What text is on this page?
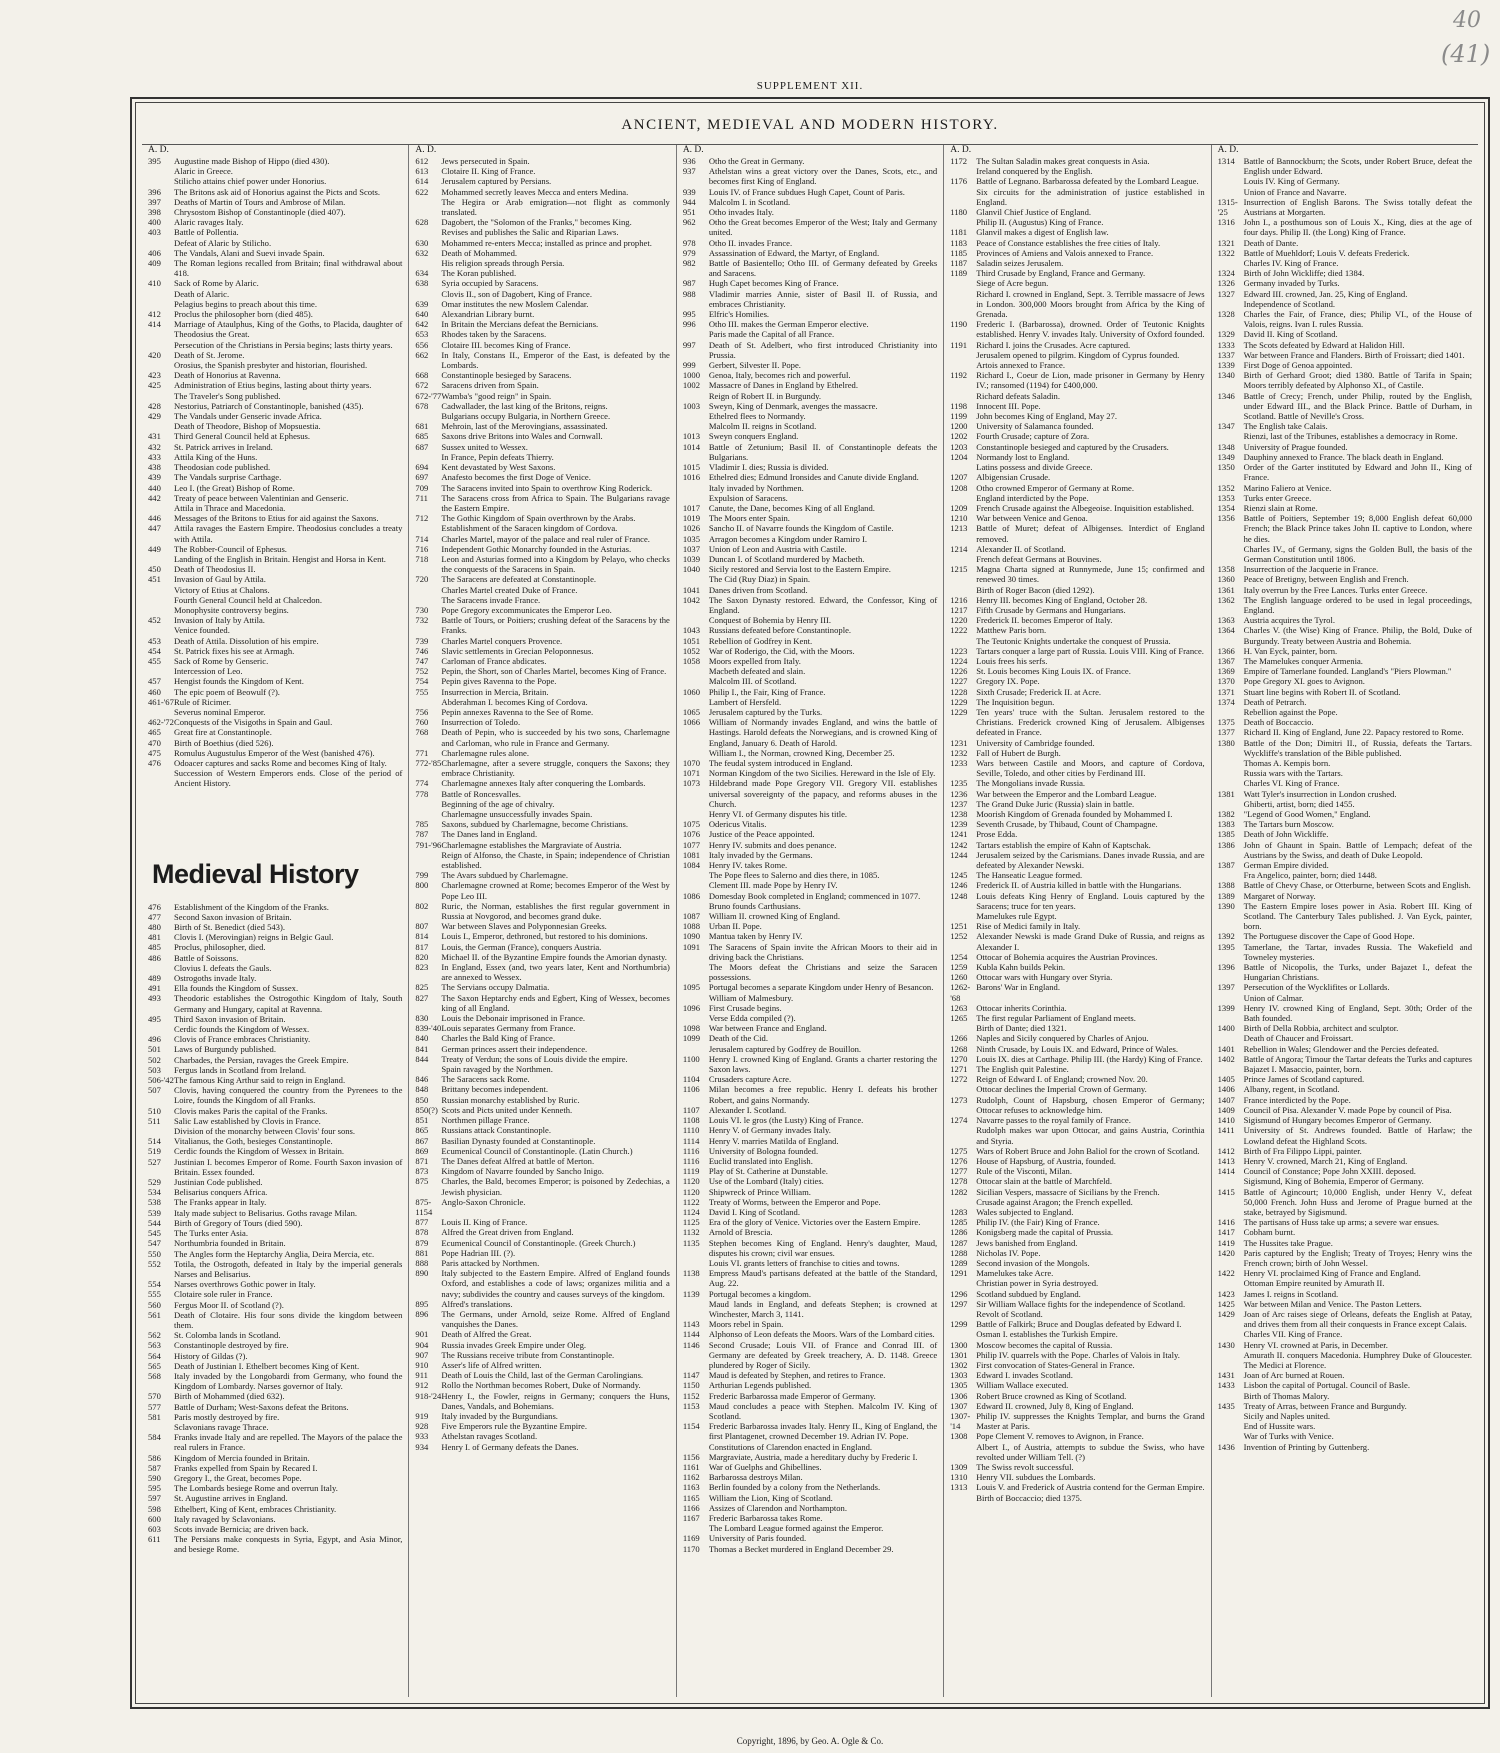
40
(41)
SUPPLEMENT XII.
ANCIENT, MEDIEVAL AND MODERN HISTORY.
A. D.
395	Augustine made Bishop of Hippo (died 430).
Alaric in Greece.
Stilicho attains chief power under Honorius.
396	The Britons ask aid of Honorius against the Picts and Scots.
397	Deaths of Martin of Tours and Ambrose of Milan.
398	Chrysostom Bishop of Constantinople (died 407).
400	Alaric ravages Italy.
403	Battle of Pollentia.
Defeat of Alaric by Stilicho.
406	The Vandals, Alani and Suevi invade Spain.
409	The Roman legions recalled from Britain; final withdrawal about 418.
410	Sack of Rome by Alaric.
Death of Alaric.
Pelagius begins to preach about this time.
412	Proclus the philosopher born (died 485).
414	Marriage of Ataulphus, King of the Goths, to Placida, daughter of Theodosius the Great.
Persecution of the Christians in Persia begins; lasts thirty years.
420	Death of St. Jerome.
Orosius, the Spanish presbyter and historian, flourished.
423	Death of Honorius at Ravenna.
425	Administration of Etius begins, lasting about thirty years.
The Traveler's Song published.
428	Nestorius, Patriarch of Constantinople, banished (435).
429	The Vandals under Genseric invade Africa.
Death of Theodore, Bishop of Mopsuestia.
431	Third General Council held at Ephesus.
432	St. Patrick arrives in Ireland.
433	Attila King of the Huns.
438	Theodosian code published.
439	The Vandals surprise Carthage.
440	Leo I. (the Great) Bishop of Rome.
442	Treaty of peace between Valentinian and Genseric.
Attila in Thrace and Macedonia.
446	Messages of the Britons to Etius for aid against the Saxons.
447	Attila ravages the Eastern Empire. Theodosius concludes a treaty with Attila.
449	The Robber-Council of Ephesus.
Landing of the English in Britain. Hengist and Horsa in Kent.
450	Death of Theodosius II.
451	Invasion of Gaul by Attila.
Victory of Etius at Chalons.
Fourth General Council held at Chalcedon.
Monophysite controversy begins.
452	Invasion of Italy by Attila.
Venice founded.
453	Death of Attila. Dissolution of his empire.
454	St. Patrick fixes his see at Armagh.
455	Sack of Rome by Genseric.
Intercession of Leo.
457	Hengist founds the Kingdom of Kent.
460	The epic poem of Beowulf (?).
461-'67 Rule of Ricimer.
Severus nominal Emperor.
462-'72 Conquests of the Visigoths in Spain and Gaul.
465	Great fire at Constantinople.
470	Birth of Boethius (died 526).
475	Romulus Augustulus Emperor of the West (banished 476).
476	Odoacer captures and sacks Rome and becomes King of Italy.
Succession of Western Emperors ends. Close of the period of Ancient History.
Medieval History
476	Establishment of the Kingdom of the Franks.
477	Second Saxon invasion of Britain.
480	Birth of St. Benedict (died 543).
481	Clovis I. (Merovingian) reigns in Belgic Gaul.
485	Proclus, philosopher, died.
486	Battle of Soissons.
Clovius I. defeats the Gauls.
489	Ostrogoths invade Italy.
491	Ella founds the Kingdom of Sussex.
493	Theodoric establishes the Ostrogothic Kingdom of Italy, South Germany and Hungary, capital at Ravenna.
495	Third Saxon invasion of Britain.
Cerdic founds the Kingdom of Wessex.
496	Clovis of France embraces Christianity.
501	Laws of Burgundy published.
502	Charbades, the Persian, ravages the Greek Empire.
503	Fergus lands in Scotland from Ireland.
506-'42 The famous King Arthur said to reign in England.
507	Clovis, having conquered the country from the Pyrenees to the Loire, founds the Kingdom of all Franks.
510	Clovis makes Paris the capital of the Franks.
511	Salic Law established by Clovis in France.
Division of the monarchy between Clovis' four sons.
514	Vitalianus, the Goth, besieges Constantinople.
519	Cerdic founds the Kingdom of Wessex in Britain.
527	Justinian I. becomes Emperor of Rome. Fourth Saxon invasion of Britain. Essex founded.
529	Justinian Code published.
534	Belisarius conquers Africa.
538	The Franks appear in Italy.
539	Italy made subject to Belisarius. Goths ravage Milan.
544	Birth of Gregory of Tours (died 590).
545	The Turks enter Asia.
547	Northumbria founded in Britain.
550	The Angles form the Heptarchy Anglia, Deira Mercia, etc.
552	Totila, the Ostrogoth, defeated in Italy by the imperial generals Narses and Belisarius.
554	Narses overthrows Gothic power in Italy.
555	Clotaire sole ruler in France.
560	Fergus Moor II. of Scotland (?).
561	Death of Clotaire. His four sons divide the kingdom between them.
562	St. Colomba lands in Scotland.
563	Constantinople destroyed by fire.
564	History of Gildas (?).
565	Death of Justinian I. Ethelbert becomes King of Kent.
568	Italy invaded by the Longobardi from Germany, who found the Kingdom of Lombardy. Narses governor of Italy.
570	Birth of Mohammed (died 632).
577	Battle of Durham; West-Saxons defeat the Britons.
581	Paris mostly destroyed by fire.
Sclavonians ravage Thrace.
584	Franks invade Italy and are repelled. The Mayors of the palace the real rulers in France.
586	Kingdom of Mercia founded in Britain.
587	Franks expelled from Spain by Recared I.
590	Gregory I., the Great, becomes Pope.
595	The Lombards besiege Rome and overrun Italy.
597	St. Augustine arrives in England.
598	Ethelbert, King of Kent, embraces Christianity.
600	Italy ravaged by Sclavonians.
603	Scots invade Bernicia; are driven back.
611	The Persians make conquests in Syria, Egypt, and Asia Minor, and besiege Rome.
A. D.
612	Jews persecuted in Spain.
613	Clotaire II. King of France.
614	Jerusalem captured by Persians.
622	Mohammed secretly leaves Mecca and enters Medina.
The Hegira or Arab emigration—not flight as commonly translated.
628	Dagobert, the "Solomon of the Franks," becomes King.
Revises and publishes the Salic and Riparian Laws.
630	Mohammed re-enters Mecca; installed as prince and prophet.
632	Death of Mohammed.
His religion spreads through Persia.
634	The Koran published.
638	Syria occupied by Saracens.
Clovis II., son of Dagobert, King of France.
639	Omar institutes the new Moslem Calendar.
640	Alexandrian Library burnt.
642	In Britain the Mercians defeat the Bernicians.
653	Rhodes taken by the Saracens.
656	Clotaire III. becomes King of France.
662	In Italy, Constans II., Emperor of the East, is defeated by the Lombards.
668	Constantinople besieged by Saracens.
672	Saracens driven from Spain.
672-'77 Wamba's "good reign" in Spain.
678	Cadwallader, the last king of the Britons, reigns.
Bulgarians occupy Bulgaria, in Northern Greece.
681	Mehroin, last of the Merovingians, assassinated.
685	Saxons drive Britons into Wales and Cornwall.
687	Sussex united to Wessex.
In France, Pepin defeats Thierry.
694	Kent devastated by West Saxons.
697	Anafesto becomes the first Doge of Venice.
709	The Saracens invited into Spain to overthrow King Roderick.
711	The Saracens cross from Africa to Spain. The Bulgarians ravage the Eastern Empire.
712	The Gothic Kingdom of Spain overthrown by the Arabs.
Establishment of the Saracen kingdom of Cordova.
714	Charles Martel, mayor of the palace and real ruler of France.
716	Independent Gothic Monarchy founded in the Asturias.
718	Leon and Asturias formed into a Kingdom by Pelayo, who checks the conquests of the Saracens in Spain.
720	The Saracens are defeated at Constantinople.
Charles Martel created Duke of France.
The Saracens invade France.
730	Pope Gregory excommunicates the Emperor Leo.
732	Battle of Tours, or Poitiers; crushing defeat of the Saracens by the Franks.
739	Charles Martel conquers Provence.
746	Slavic settlements in Grecian Peloponnesus.
747	Carloman of France abdicates.
752	Pepin, the Short, son of Charles Martel, becomes King of France.
754	Pepin gives Ravenna to the Pope.
755	Insurrection in Mercia, Britain.
Abderahman I. becomes King of Cordova.
756	Pepin annexes Ravenna to the See of Rome.
760	Insurrection of Toledo.
768	Death of Pepin, who is succeeded by his two sons, Charlemagne and Carloman, who rule in France and Germany.
771	Charlemagne rules alone.
772-'85 Charlemagne, after a severe struggle, conquers the Saxons; they embrace Christianity.
774	Charlemagne annexes Italy after conquering the Lombards.
778	Battle of Roncesvalles.
Beginning of the age of chivalry.
Charlemagne unsuccessfully invades Spain.
785	Saxons, subdued by Charlemagne, become Christians.
787	The Danes land in England.
791-'96 Charlemagne establishes the Margraviate of Austria.
Reign of Alfonso, the Chaste, in Spain; independence of Christian established.
799	The Avars subdued by Charlemagne.
800	Charlemagne crowned at Rome; becomes Emperor of the West by Pope Leo III.
802	Ruric, the Norman, establishes the first regular government in Russia at Novgorod, and becomes grand duke.
807	War between Slaves and Polyponnesian Greeks.
814	Louis I., Emperor, dethroned, but restored to his dominions.
817	Louis, the German (France), conquers Austria.
820	Michael II. of the Byzantine Empire founds the Amorian dynasty.
823	In England, Essex (and, two years later, Kent and Northumbria) are annexed to Wessex.
825	The Servians occupy Dalmatia.
827	The Saxon Heptarchy ends and Egbert, King of Wessex, becomes king of all England.
830	Louis the Debonair imprisoned in France.
839-'40 Louis separates Germany from France.
840	Charles the Bald King of France.
841	German princes assert their independence.
844	Treaty of Verdun; the sons of Louis divide the empire.
Spain ravaged by the Northmen.
846	The Saracens sack Rome.
848	Brittany becomes independent.
850	Russian monarchy established by Ruric.
850(?) Scots and Picts united under Kenneth.
851	Northmen pillage France.
865	Russians attack Constantinople.
867	Basilian Dynasty founded at Constantinople.
869	Ecumenical Council of Constantinople. (Latin Church.)
871	The Danes defeat Alfred at battle of Merton.
873	Kingdom of Navarre founded by Sancho Inigo.
875	Charles, the Bald, becomes Emperor; is poisoned by Zedechias, a Jewish physician.
875-1154
Anglo-Saxon Chronicle.
877	Louis II. King of France.
878	Alfred the Great driven from England.
879	Ecumenical Council of Constantinople. (Greek Church.)
881	Pope Hadrian III. (?).
888	Paris attacked by Northmen.
890	Italy subjected to the Eastern Empire. Alfred of England founds Oxford, and establishes a code of laws; organizes militia and a navy; subdivides the country and causes surveys of the kingdom.
895	Alfred's translations.
896	The Germans, under Arnold, seize Rome. Alfred of England vanquishes the Danes.
901	Death of Alfred the Great.
904	Russia invades Greek Empire under Oleg.
907	The Russians receive tribute from Constantinople.
910	Asser's life of Alfred written.
911	Death of Louis the Child, last of the German Carolingians.
912	Rollo the Northman becomes Robert, Duke of Normandy.
918-'24 Henry I., the Fowler, reigns in Germany; conquers the Huns, Danes, Vandals, and Bohemians.
919	Italy invaded by the Burgundians.
928	Five Emperors rule the Byzantine Empire.
933	Athelstan ravages Scotland.
934	Henry I. of Germany defeats the Danes.
A. D.
936	Otho the Great in Germany.
937	Athelstan wins a great victory over the Danes, Scots, etc., and becomes first King of England.
939	Louis IV. of France subdues Hugh Capet, Count of Paris.
944	Malcolm I. in Scotland.
951	Otho invades Italy.
962	Otho the Great becomes Emperor of the West; Italy and Germany united.
978	Otho II. invades France.
979	Assassination of Edward, the Martyr, of England.
982	Battle of Basientello; Otho III. of Germany defeated by Greeks and Saracens.
987	Hugh Capet becomes King of France.
988	Vladimir marries Annie, sister of Basil II. of Russia, and embraces Christianity.
995	Elfric's Homilies.
996	Otho III. makes the German Emperor elective.
Paris made the Capital of all France.
997	Death of St. Adelbert, who first introduced Christianity into Prussia.
999	Gerbert, Silvester II. Pope.
1000	Genoa, Italy, becomes rich and powerful.
1002	Massacre of Danes in England by Ethelred.
Reign of Robert II. in Burgundy.
1003	Sweyn, King of Denmark, avenges the massacre.
Ethelred flees to Normandy.
Malcolm II. reigns in Scotland.
1013	Sweyn conquers England.
1014	Battle of Zetunium; Basil II. of Constantinople defeats the Bulgarians.
1015	Vladimir I. dies; Russia is divided.
1016	Ethelred dies; Edmund Ironsides and Canute divide England.
Italy invaded by Northmen.
Expulsion of Saracens.
1017	Canute, the Dane, becomes King of all England.
1019	The Moors enter Spain.
1026	Sancho II. of Navarre founds the Kingdom of Castile.
1035	Arragon becomes a Kingdom under Ramiro I.
1037	Union of Leon and Austria with Castile.
1039	Duncan I. of Scotland murdered by Macbeth.
1040	Sicily restored and Servia lost to the Eastern Empire.
The Cid (Ruy Diaz) in Spain.
1041	Danes driven from Scotland.
1042	The Saxon Dynasty restored. Edward, the Confessor, King of England.
Conquest of Bohemia by Henry III.
1043	Russians defeated before Constantinople.
1051	Rebellion of Godfrey in Kent.
1052	War of Roderigo, the Cid, with the Moors.
1058	Moors expelled from Italy.
Macbeth defeated and slain.
Malcolm III. of Scotland.
1060	Philip I., the Fair, King of France.
Lambert of Hersfeld.
1065	Jerusalem captured by the Turks.
1066	William of Normandy invades England, and wins the battle of Hastings. Harold defeats the Norwegians, and is crowned King of England, January 6. Death of Harold.
William I., the Norman, crowned King, December 25.
1070	The feudal system introduced in England.
1071	Norman Kingdom of the two Sicilies. Hereward in the Isle of Ely.
1073	Hildebrand made Pope Gregory VII. Gregory VII. establishes universal sovereignty of the papacy, and reforms abuses in the Church.
Henry VI. of Germany disputes his title.
1075	Odericus Vitalis.
1076	Justice of the Peace appointed.
1077	Henry IV. submits and does penance.
1081	Italy invaded by the Germans.
1084	Henry IV. takes Rome.
The Pope flees to Salerno and dies there, in 1085.
Clement III. made Pope by Henry IV.
1086	Domesday Book completed in England; commenced in 1077.
Bruno founds Carthusians.
1087	William II. crowned King of England.
1088	Urban II. Pope.
1090	Mantua taken by Henry IV.
1091	The Saracens of Spain invite the African Moors to their aid in driving back the Christians.
The Moors defeat the Christians and seize the Saracen possessions.
1095	Portugal becomes a separate Kingdom under Henry of Besancon.
William of Malmesbury.
1096	First Crusade begins.
Verse Edda compiled (?).
1098	War between France and England.
1099	Death of the Cid.
Jerusalem captured by Godfrey de Bouillon.
1100	Henry I. crowned King of England. Grants a charter restoring the Saxon laws.
1104	Crusaders capture Acre.
1106	Milan becomes a free republic. Henry I. defeats his brother Robert, and gains Normandy.
1107	Alexander I. Scotland.
1108	Louis VI. le gros (the Lusty) King of France.
1110	Henry V. of Germany invades Italy.
1114	Henry V. marries Matilda of England.
1116	University of Bologna founded.
1116	Euclid translated into English.
1119	Play of St. Catherine at Dunstable.
1120	Use of the Lombard (Italy) cities.
1120	Shipwreck of Prince William.
1122	Treaty of Worms, between the Emperor and Pope.
1124	David I. King of Scotland.
1125	Era of the glory of Venice. Victories over the Eastern Empire.
1132	Arnold of Brescia.
1135	Stephen becomes King of England. Henry's daughter, Maud, disputes his crown; civil war ensues.
Louis VI. grants letters of franchise to cities and towns.
1138	Empress Maud's partisans defeated at the battle of the Standard, Aug. 22.
1139	Portugal becomes a kingdom.
Maud lands in England, and defeats Stephen; is crowned at Winchester, March 3, 1141.
1143	Moors rebel in Spain.
1144	Alphonso of Leon defeats the Moors. Wars of the Lombard cities.
1146	Second Crusade; Louis VII. of France and Conrad III. of Germany are defeated by Greek treachery, A. D. 1148. Greece plundered by Roger of Sicily.
1147	Maud is defeated by Stephen, and retires to France.
1150	Arthurian Legends published.
1152	Frederic Barbarossa made Emperor of Germany.
1153	Maud concludes a peace with Stephen. Malcolm IV. King of Scotland.
1154	Frederic Barbarossa invades Italy. Henry II., King of England, the first Plantagenet, crowned December 19. Adrian IV. Pope.
Constitutions of Clarendon enacted in England.
1156	Margraviate, Austria, made a hereditary duchy by Frederic I.
1161	War of Guelphs and Ghibellines.
1162	Barbarossa destroys Milan.
1163	Berlin founded by a colony from the Netherlands.
1165	William the Lion, King of Scotland.
1166	Assizes of Clarendon and Northampton.
1167	Frederic Barbarossa takes Rome.
The Lombard League formed against the Emperor.
1169	University of Paris founded.
1170	Thomas a Becket murdered in England December 29.
A. D.
1172	The Sultan Saladin makes great conquests in Asia.
Ireland conquered by the English.
1176	Battle of Legnano. Barbarossa defeated by the Lombard League.
Six circuits for the administration of justice established in England.
1180	Glanvil Chief Justice of England.
Philip II. (Augustus) King of France.
1181	Glanvil makes a digest of English law.
1183	Peace of Constance establishes the free cities of Italy.
1185	Provinces of Amiens and Valois annexed to France.
1187	Saladin seizes Jerusalem.
1189	Third Crusade by England, France and Germany.
Siege of Acre begun.
Richard I. crowned in England, Sept. 3. Terrible massacre of Jews in London. 300,000 Moors brought from Africa by the King of Grenada.
1190	Frederic I. (Barbarossa), drowned. Order of Teutonic Knights established. Henry V. invades Italy. University of Oxford founded.
1191	Richard I. joins the Crusades. Acre captured.
Jerusalem opened to pilgrim. Kingdom of Cyprus founded.
Artois annexed to France.
1192	Richard I., Coeur de Lion, made prisoner in Germany by Henry IV.; ransomed (1194) for £400,000.
Richard defeats Saladin.
1198	Innocent III. Pope.
1199	John becomes King of England, May 27.
1200	University of Salamanca founded.
1202	Fourth Crusade; capture of Zora.
1203	Constantinople besieged and captured by the Crusaders.
1204	Normandy lost to England.
Latins possess and divide Greece.
1207	Albigensian Crusade.
1208	Otho crowned Emperor of Germany at Rome.
England interdicted by the Pope.
1209	French Crusade against the Albegeoise. Inquisition established.
1210	War between Venice and Genoa.
1213	Battle of Muret; defeat of Albigenses. Interdict of England removed.
1214	Alexander II. of Scotland.
French defeat Germans at Bouvines.
1215	Magna Charta signed at Runnymede, June 15; confirmed and renewed 30 times.
Birth of Roger Bacon (died 1292).
1216	Henry III. becomes King of England, October 28.
1217	Fifth Crusade by Germans and Hungarians.
1220	Frederick II. becomes Emperor of Italy.
1222	Matthew Paris born.
The Teutonic Knights undertake the conquest of Prussia.
1223	Tartars conquer a large part of Russia. Louis VIII. King of France.
1224	Louis frees his serfs.
1226	St. Louis becomes King Louis IX. of France.
1227	Gregory IX. Pope.
1228	Sixth Crusade; Frederick II. at Acre.
1229	The Inquisition begun.
1229	Ten years' truce with the Sultan. Jerusalem restored to the Christians. Frederick crowned King of Jerusalem. Albigenses defeated in France.
1231	University of Cambridge founded.
1232	Fall of Hubert de Burgh.
1233	Wars between Castile and Moors, and capture of Cordova, Seville, Toledo, and other cities by Ferdinand III.
1235	The Mongolians invade Russia.
1236	War between the Emperor and the Lombard League.
1237	The Grand Duke Juric (Russia) slain in battle.
1238	Moorish Kingdom of Grenada founded by Mohammed I.
1239	Seventh Crusade, by Thibaud, Count of Champagne.
1241	Prose Edda.
1242	Tartars establish the empire of Kahn of Kaptschak.
1244	Jerusalem seized by the Carismians. Danes invade Russia, and are defeated by Alexander Newski.
1245	The Hanseatic League formed.
1246	Frederick II. of Austria killed in battle with the Hungarians.
1248	Louis defeats King Henry of England. Louis captured by the Saracens; truce for ten years.
Mamelukes rule Egypt.
1251	Rise of Medici family in Italy.
1252	Alexander Newski is made Grand Duke of Russia, and reigns as Alexander I.
1254	Ottocar of Bohemia acquires the Austrian Provinces.
1259	Kubla Kahn builds Pekin.
1260	Ottocar wars with Hungary over Styria.
1262-'68
Barons' War in England.
1263	Ottocar inherits Corinthia.
1265	The first regular Parliament of England meets.
Birth of Dante; died 1321.
1266	Naples and Sicily conquered by Charles of Anjou.
1268	Ninth Crusade, by Louis IX. and Edward, Prince of Wales.
1270	Louis IX. dies at Carthage. Philip III. (the Hardy) King of France.
1271	The English quit Palestine.
1272	Reign of Edward I. of England; crowned Nov. 20.
Ottocar declines the Imperial Crown of Germany.
1273	Rudolph, Count of Hapsburg, chosen Emperor of Germany; Ottocar refuses to acknowledge him.
1274	Navarre passes to the royal family of France.
Rudolph makes war upon Ottocar, and gains Austria, Corinthia and Styria.
1275	Wars of Robert Bruce and John Baliol for the crown of Scotland.
1276	House of Hapsburg, of Austria, founded.
1277	Rule of the Visconti, Milan.
1278	Ottocar slain at the battle of Marchfeld.
1282	Sicilian Vespers, massacre of Sicilians by the French.
Crusade against Aragon; the French expelled.
1283	Wales subjected to England.
1285	Philip IV. (the Fair) King of France.
1286	Konigsberg made the capital of Prussia.
1287	Jews banished from England.
1288	Nicholas IV. Pope.
1289	Second invasion of the Mongols.
1291	Mamelukes take Acre.
Christian power in Syria destroyed.
1296	Scotland subdued by England.
1297	Sir William Wallace fights for the independence of Scotland.
Revolt of Scotland.
1299	Battle of Falkirk; Bruce and Douglas defeated by Edward I.
Osman I. establishes the Turkish Empire.
1300	Moscow becomes the capital of Russia.
1301	Philip IV. quarrels with the Pope. Charles of Valois in Italy.
1302	First convocation of States-General in France.
1303	Edward I. invades Scotland.
1305	William Wallace executed.
1306	Robert Bruce crowned as King of Scotland.
1307	Edward II. crowned, July 8, King of England.
1307-'14
Philip IV. suppresses the Knights Templar, and burns the Grand Master at Paris.
1308	Pope Clement V. removes to Avignon, in France.
Albert I., of Austria, attempts to subdue the Swiss, who have revolted under William Tell. (?)
1309	The Swiss revolt successful.
1310	Henry VII. subdues the Lombards.
1313	Louis V. and Frederick of Austria contend for the German Empire.
Birth of Boccaccio; died 1375.
A. D.
1314	Battle of Bannockburn; the Scots, under Robert Bruce, defeat the English under Edward.
Louis IV. King of Germany.
Union of France and Navarre.
1315-'25
Insurrection of English Barons. The Swiss totally defeat the Austrians at Morgarten.
1316	John I., a posthumous son of Louis X., King, dies at the age of four days. Philip II. (the Long) King of France.
1321	Death of Dante.
1322	Battle of Muehldorf; Louis V. defeats Frederick.
Charles IV. King of France.
1324	Birth of John Wickliffe; died 1384.
1326	Germany invaded by Turks.
1327	Edward III. crowned, Jan. 25, King of England.
Independence of Scotland.
1328	Charles the Fair, of France, dies; Philip VI., of the House of Valois, reigns. Ivan I. rules Russia.
1329	David II. King of Scotland.
1333	The Scots defeated by Edward at Halidon Hill.
1337	War between France and Flanders. Birth of Froissart; died 1401.
1339	First Doge of Genoa appointed.
1340	Birth of Gerhard Groot; died 1380. Battle of Tarifa in Spain; Moors terribly defeated by Alphonso XI., of Castile.
1346	Battle of Crecy; French, under Philip, routed by the English, under Edward III., and the Black Prince. Battle of Durham, in Scotland. Battle of Neville's Cross.
1347	The English take Calais.
Rienzi, last of the Tribunes, establishes a democracy in Rome.
1348	University of Prague founded.
1349	Dauphiny annexed to France. The black death in England.
1350	Order of the Garter instituted by Edward and John II., King of France.
1352	Marino Faliero at Venice.
1353	Turks enter Greece.
1354	Rienzi slain at Rome.
1356	Battle of Poitiers, September 19; 8,000 English defeat 60,000 French; the Black Prince takes John II. captive to London, where he dies.
Charles IV., of Germany, signs the Golden Bull, the basis of the German Constitution until 1806.
1358	Insurrection of the Jacquerie in France.
1360	Peace of Bretigny, between English and French.
1361	Italy overrun by the Free Lances. Turks enter Greece.
1362	The English language ordered to be used in legal proceedings, England.
1363	Austria acquires the Tyrol.
1364	Charles V. (the Wise) King of France. Philip, the Bold, Duke of Burgundy. Treaty between Austria and Bohemia.
1366	H. Van Eyck, painter, born.
1367	The Mamelukes conquer Armenia.
1369	Empire of Tamerlane founded. Langland's "Piers Plowman."
1370	Pope Gregory XI. goes to Avignon.
1371	Stuart line begins with Robert II. of Scotland.
1374	Death of Petrarch.
Rebellion against the Pope.
1375	Death of Boccaccio.
1377	Richard II. King of England, June 22. Papacy restored to Rome.
1380	Battle of the Don; Dimitri II., of Russia, defeats the Tartars. Wyckliffe's translation of the Bible published.
Thomas A. Kempis born.
Russia wars with the Tartars.
Charles VI. King of France.
1381	Watt Tyler's insurrection in London crushed.
Ghiberti, artist, born; died 1455.
1382	"Legend of Good Women," England.
1383	The Tartars burn Moscow.
1385	Death of John Wickliffe.
1386	John of Ghaunt in Spain. Battle of Lempach; defeat of the Austrians by the Swiss, and death of Duke Leopold.
1387	German Empire divided.
Fra Angelico, painter, born; died 1448.
1388	Battle of Chevy Chase, or Otterburne, between Scots and English.
1389	Margaret of Norway.
1390	The Eastern Empire loses power in Asia. Robert III. King of Scotland. The Canterbury Tales published. J. Van Eyck, painter, born.
1392	The Portuguese discover the Cape of Good Hope.
1395	Tamerlane, the Tartar, invades Russia. The Wakefield and Towneley mysteries.
1396	Battle of Nicopolis, the Turks, under Bajazet I., defeat the Hungarian Christians.
1397	Persecution of the Wycklifites or Lollards.
Union of Calmar.
1399	Henry IV. crowned King of England, Sept. 30th; Order of the Bath founded.
1400	Birth of Della Robbia, architect and sculptor.
Death of Chaucer and Froissart.
1401	Rebellion in Wales; Glendower and the Percies defeated.
1402	Battle of Angora; Timour the Tartar defeats the Turks and captures Bajazet I. Masaccio, painter, born.
1405	Prince James of Scotland captured.
1406	Albany, regent, in Scotland.
1407	France interdicted by the Pope.
1409	Council of Pisa. Alexander V. made Pope by council of Pisa.
1410	Sigismund of Hungary becomes Emperor of Germany.
1411	University of St. Andrews founded. Battle of Harlaw; the Lowland defeat the Highland Scots.
1412	Birth of Fra Filippo Lippi, painter.
1413	Henry V. crowned, March 21, King of England.
1414	Council of Constance; Pope John XXIII. deposed.
Sigismund, King of Bohemia, Emperor of Germany.
1415	Battle of Agincourt; 10,000 English, under Henry V., defeat 50,000 French. John Huss and Jerome of Prague burned at the stake, betrayed by Sigismund.
1416	The partisans of Huss take up arms; a severe war ensues.
1417	Cobham burnt.
1419	The Hussites take Prague.
1420	Paris captured by the English; Treaty of Troyes; Henry wins the French crown; birth of John Wessel.
1422	Henry VI. proclaimed King of France and England.
Ottoman Empire reunited by Amurath II.
1423	James I. reigns in Scotland.
1425	War between Milan and Venice. The Paston Letters.
1429	Joan of Arc raises siege of Orleans, defeats the English at Patay, and drives them from all their conquests in France except Calais.
Charles VII. King of France.
1430	Henry VI. crowned at Paris, in December.
Amurath II. conquers Macedonia. Humphrey Duke of Gloucester. The Medici at Florence.
1431	Joan of Arc burned at Rouen.
1433	Lisbon the capital of Portugal. Council of Basle.
Birth of Thomas Malory.
1435	Treaty of Arras, between France and Burgundy.
Sicily and Naples united.
End of Hussite wars.
War of Turks with Venice.
1436	Invention of Printing by Guttenberg.
Copyright, 1896, by Geo. A. Ogle & Co.
